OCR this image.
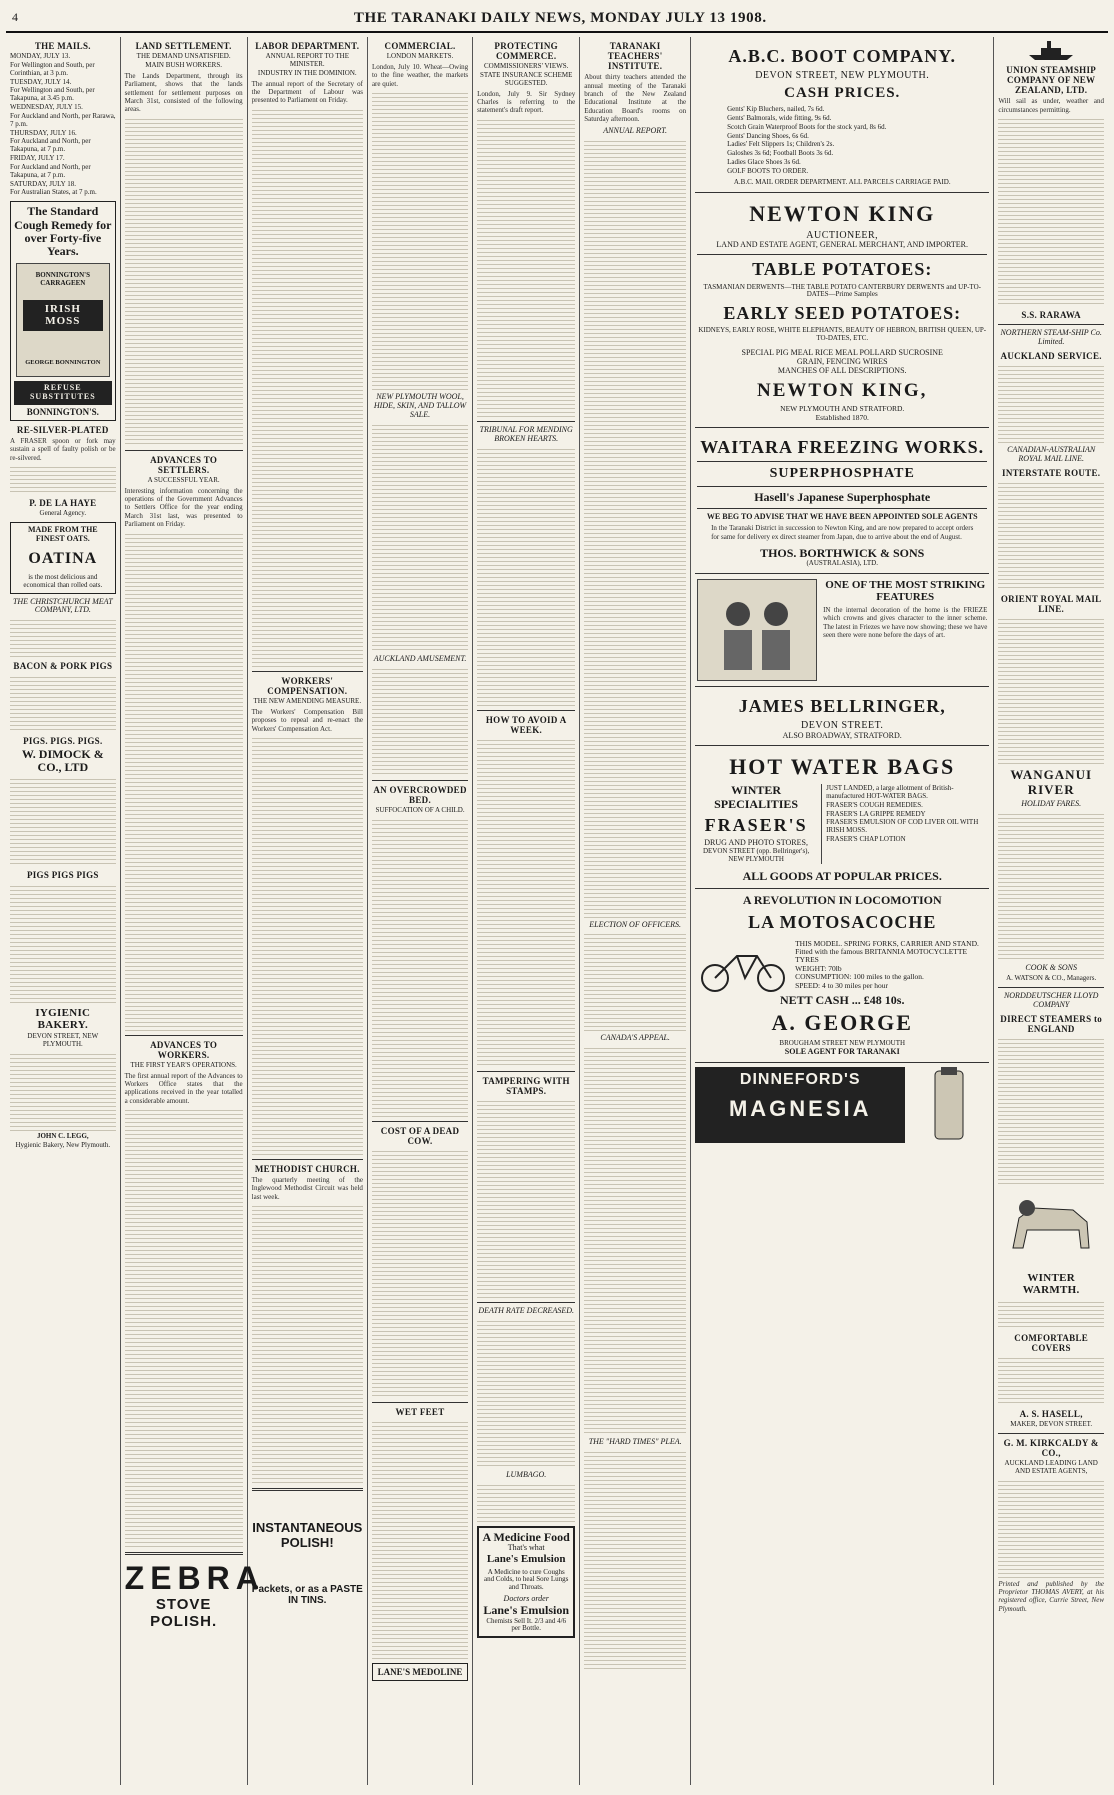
4	THE TARANAKI DAILY NEWS, MONDAY JULY 13 1908.
THE MAILS.
MONDAY, JULY 13.
For Wellington and South, per Corinthian, at 3 p.m.
TUESDAY, JULY 14.
For Wellington and South, per Takapuna, at 3.45 p.m.
WEDNESDAY, JULY 15.
For Auckland and North, per Rarawa, 7 p.m.
THURSDAY, JULY 16.
For Auckland and North, per Takapuna, at 7 p.m.
FRIDAY, JULY 17.
For Auckland and North, per Takapuna, at 7 p.m.
SATURDAY, JULY 18.
For Australian States, at 7 p.m.
The Standard Cough Remedy for over Forty-five Years.
BONNINGTON'S CARRAGEEN
IRISH MOSS
GEORGE BONNINGTON
REFUSE SUBSTITUTES
BONNINGTON'S.
RE-SILVER-PLATED
A FRASER spoon or fork may sustain a spell of faulty polish or be re-silvered.
P. DE LA HAYE
General Agency.
MADE FROM THE FINEST OATS.
OATINA
is the most delicious and economical than rolled oats.
THE CHRISTCHURCH MEAT COMPANY, LTD.
BACON & PORK PIGS
PIGS. PIGS. PIGS.
W. DIMOCK & CO., LTD
PIGS PIGS PIGS
IYGIENIC BAKERY.
DEVON STREET, NEW PLYMOUTH.
JOHN C. LEGG,
Hygienic Bakery, New Plymouth.
LAND SETTLEMENT.
THE DEMAND UNSATISFIED.
MAIN BUSH WORKERS.
The Lands Department, through its Parliament, shows that the lands settlement for settlement purposes on March 31st, consisted of the following areas.
ADVANCES TO SETTLERS.
A SUCCESSFUL YEAR.
Interesting information concerning the operations of the Government Advances to Settlers Office for the year ending March 31st last, was presented to Parliament on Friday.
ADVANCES TO WORKERS.
THE FIRST YEAR'S OPERATIONS.
The first annual report of the Advances to Workers Office states that the applications received in the year totalled a considerable amount.
ZEBRA
STOVE POLISH.
LABOR DEPARTMENT.
ANNUAL REPORT TO THE MINISTER.
INDUSTRY IN THE DOMINION.
The annual report of the Secretary of the Department of Labour was presented to Parliament on Friday.
WORKERS' COMPENSATION.
THE NEW AMENDING MEASURE.
The Workers' Compensation Bill proposes to repeal and re-enact the Workers' Compensation Act.
METHODIST CHURCH.
The quarterly meeting of the Inglewood Methodist Circuit was held last week.
INSTANTANEOUS POLISH!
Packets, or as a PASTE IN TINS.
COMMERCIAL.
LONDON MARKETS.
London, July 10. Wheat—Owing to the fine weather, the markets are quiet.
NEW PLYMOUTH WOOL, HIDE, SKIN, AND TALLOW SALE.
AUCKLAND AMUSEMENT.
AN OVERCROWDED BED.
SUFFOCATION OF A CHILD.
COST OF A DEAD COW.
WET FEET
LANE'S MEDOLINE
PROTECTING COMMERCE.
COMMISSIONERS' VIEWS.
STATE INSURANCE SCHEME SUGGESTED.
London, July 9. Sir Sydney Charles is referring to the statement's draft report.
TRIBUNAL FOR MENDING BROKEN HEARTS.
HOW TO AVOID A WEEK.
TAMPERING WITH STAMPS.
DEATH RATE DECREASED.
LUMBAGO.
A Medicine Food
That's what
Lane's Emulsion
A Medicine to cure Coughs and Colds, to heal Sore Lungs and Throats.
Doctors order
Lane's Emulsion
Chemists Sell It. 2/3 and 4/6 per Bottle.
TARANAKI TEACHERS' INSTITUTE.
About thirty teachers attended the annual meeting of the Taranaki branch of the New Zealand Educational Institute at the Education Board's rooms on Saturday afternoon.
ANNUAL REPORT.
ELECTION OF OFFICERS.
CANADA'S APPEAL.
THE "HARD TIMES" PLEA.
A.B.C. BOOT COMPANY.
DEVON STREET, NEW PLYMOUTH.
CASH PRICES.
Gents' Kip Bluchers, nailed, 7s 6d.
Gents' Balmorals, wide fitting, 9s 6d.
Scotch Grain Waterproof Boots for the stock yard, 8s 6d.
Gents' Dancing Shoes, 6s 6d.
Ladies' Felt Slippers 1s; Children's 2s.
Galoshes 3s 6d; Football Boots 3s 6d.
Ladies Glace Shoes 3s 6d.
GOLF BOOTS TO ORDER.
A.B.C. MAIL ORDER DEPARTMENT. ALL PARCELS CARRIAGE PAID.
NEWTON KING
AUCTIONEER,
LAND AND ESTATE AGENT, GENERAL MERCHANT, AND IMPORTER.
TABLE POTATOES:
TASMANIAN DERWENTS—THE TABLE POTATO CANTERBURY DERWENTS and UP-TO-DATES—Prime Samples
EARLY SEED POTATOES:
KIDNEYS, EARLY ROSE, WHITE ELEPHANTS, BEAUTY OF HEBRON, BRITISH QUEEN, UP-TO-DATES, ETC.
SPECIAL PIG MEAL RICE MEAL POLLARD SUCROSINE
GRAIN, FENCING WIRES
MANCHES OF ALL DESCRIPTIONS.
NEWTON KING,
NEW PLYMOUTH AND STRATFORD.
Established 1870.
WAITARA FREEZING WORKS.
SUPERPHOSPHATE
Hasell's Japanese Superphosphate
WE BEG TO ADVISE THAT WE HAVE BEEN APPOINTED SOLE AGENTS
In the Taranaki District in succession to Newton King, and are now prepared to accept orders for same for delivery ex direct steamer from Japan, due to arrive about the end of August.
THOS. BORTHWICK & SONS
(AUSTRALASIA), LTD.
ONE OF THE MOST STRIKING FEATURES
IN the internal decoration of the home is the FRIEZE which crowns and gives character to the inner scheme. The latest in Friezes we have now showing; these we have seen there were none before the days of art.
JAMES BELLRINGER,
DEVON STREET.
ALSO BROADWAY, STRATFORD.
HOT WATER BAGS
WINTER SPECIALITIES
FRASER'S
DRUG AND PHOTO STORES,
DEVON STREET (opp. Bellringer's), NEW PLYMOUTH
JUST LANDED, a large allotment of British-manufactured HOT-WATER BAGS.
FRASER'S COUGH REMEDIES.
FRASER'S LA GRIPPE REMEDY
FRASER'S EMULSION OF COD LIVER OIL WITH IRISH MOSS.
FRASER'S CHAP LOTION
ALL GOODS AT POPULAR PRICES.
A REVOLUTION IN LOCOMOTION
LA MOTOSACOCHE
THIS MODEL. SPRING FORKS, CARRIER AND STAND. Fitted with the famous BRITANNIA MOTOCYCLETTE TYRES
WEIGHT: 70lb
CONSUMPTION: 100 miles to the gallon.
SPEED: 4 to 30 miles per hour
NETT CASH ... £48 10s.
A. GEORGE
BROUGHAM STREET NEW PLYMOUTH
SOLE AGENT FOR TARANAKI
DINNEFORD'S
MAGNESIA
UNION STEAMSHIP COMPANY OF NEW ZEALAND, LTD.
Will sail as under, weather and circumstances permitting.
S.S. RARAWA
NORTHERN STEAM-SHIP Co. Limited.
AUCKLAND SERVICE.
CANADIAN-AUSTRALIAN ROYAL MAIL LINE.
INTERSTATE ROUTE.
ORIENT ROYAL MAIL LINE.
WANGANUI RIVER
HOLIDAY FARES.
COOK & SONS
A. WATSON & CO., Managers.
NORDDEUTSCHER LLOYD COMPANY
DIRECT STEAMERS to ENGLAND
WINTER WARMTH.
COMFORTABLE COVERS
A. S. HASELL,
MAKER, DEVON STREET.
G. M. KIRKCALDY & CO.,
AUCKLAND LEADING LAND AND ESTATE AGENTS,
Printed and published by the Proprietor THOMAS AVERY, at his registered office, Currie Street, New Plymouth.
